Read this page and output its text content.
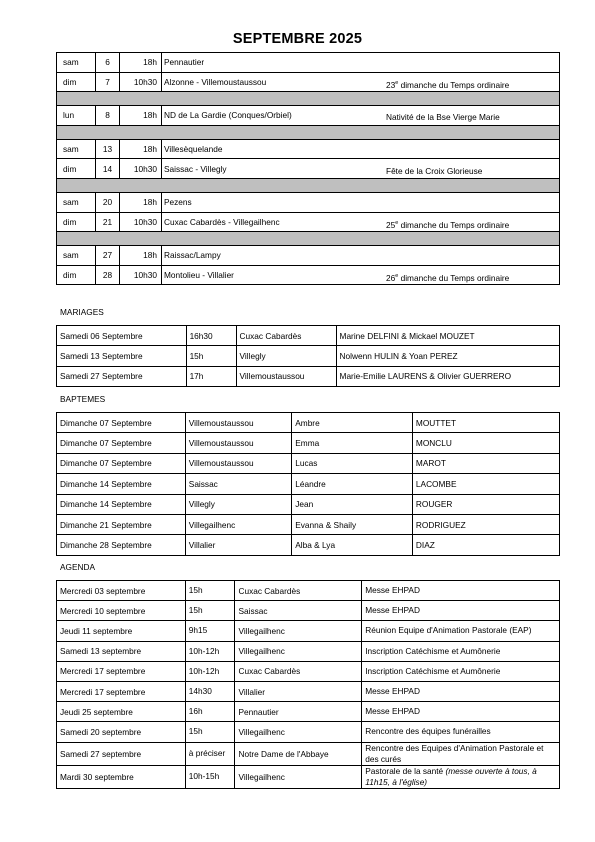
SEPTEMBRE 2025
sam	6	18h	Pennautier	
dim	7	10h30	Alzonne - Villemoustaussou	23e dimanche du Temps ordinaire

lun	8	18h	ND de La Gardie (Conques/Orbiel)	Nativité de la Bse Vierge Marie

sam	13	18h	Villesèquelande	
dim	14	10h30	Saissac - Villegly	Fête de la Croix Glorieuse

sam	20	18h	Pezens	
dim	21	10h30	Cuxac Cabardès - Villegailhenc	25e dimanche du Temps ordinaire

sam	27	18h	Raissac/Lampy	
dim	28	10h30	Montolieu - Villalier	26e dimanche du Temps ordinaire
MARIAGES
Samedi 06 Septembre	16h30	Cuxac Cabardès	Marine DELFINI & Mickael MOUZET
Samedi 13 Septembre	15h	Villegly	Nolwenn HULIN & Yoan PEREZ
Samedi 27 Septembre	17h	Villemoustaussou	Marie-Emilie LAURENS & Olivier GUERRERO
BAPTEMES
Dimanche 07 Septembre	Villemoustaussou	Ambre	MOUTTET
Dimanche 07 Septembre	Villemoustaussou	Emma	MONCLU
Dimanche 07 Septembre	Villemoustaussou	Lucas	MAROT
Dimanche 14 Septembre	Saissac	Léandre	LACOMBE
Dimanche 14 Septembre	Villegly	Jean	ROUGER
Dimanche 21 Septembre	Villegailhenc	Evanna & Shaily	RODRIGUEZ
Dimanche 28 Septembre	Villalier	Alba & Lya	DIAZ
AGENDA
Mercredi 03 septembre	15h	Cuxac Cabardès	Messe EHPAD
Mercredi 10 septembre	15h	Saissac	Messe EHPAD
Jeudi 11 septembre	9h15	Villegailhenc	Réunion Equipe d'Animation Pastorale (EAP)
Samedi 13 septembre	10h-12h	Villegailhenc	Inscription Catéchisme et Aumônerie
Mercredi 17 septembre	10h-12h	Cuxac Cabardès	Inscription Catéchisme et Aumônerie
Mercredi 17 septembre	14h30	Villalier	Messe EHPAD
Jeudi 25 septembre	16h	Pennautier	Messe EHPAD
Samedi 20 septembre	15h	Villegailhenc	Rencontre des équipes funérailles
Samedi 27 septembre	à préciser	Notre Dame de l'Abbaye	Rencontre des Equipes d'Animation Pastorale et des curés
Mardi 30 septembre	10h-15h	Villegailhenc	Pastorale de la santé (messe ouverte à tous, à 11h15, à l'église)
